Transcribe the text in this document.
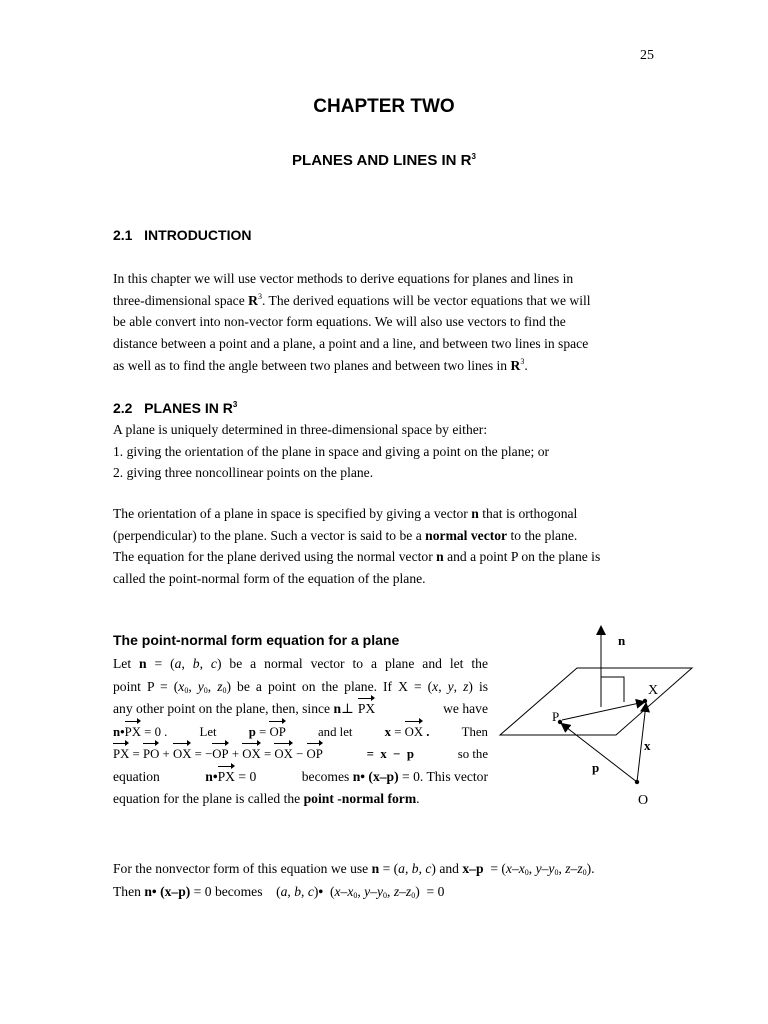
25
CHAPTER TWO
PLANES AND LINES IN $R^3$
2.1 INTRODUCTION

In this chapter we will use vector methods to derive equations for planes and lines in

three-dimensional space $R^3$. The derived equations will be vector equations that we will

be able convert into non-vector form equations. We will also use vectors to find the

distance between a point and a plane, a point and a line, and between two lines in space

as well as to find the angle between two planes and between two lines in $R^3$.

2.2 PLANES IN $R^3$

A plane is uniquely determined in three-dimensional space by either:

1. giving the orientation of the plane in space and giving a point on the plane; or

2. giving three noncollinear points on the plane.

The orientation of a plane in space is specified by giving a vector n that is orthogonal

(perpendicular) to the plane. Such a vector is said to be a normal vector to the plane.

The equation for the plane derived using the normal vector n and a point P on the plane is

called the point-normal form of the equation of the plane.

The point-normal form equation for a plane

Let n = (a, b, c) be a normal vector to a plane and let the

point $P = (x_0$, $y_0$, $z_0$) be a point on the plane. If X = (x, y, z) is

any other point on the plane, then, since n⊥ PX	we have

n•PX = 0 .	Let	p = OP	and let	x = OX .	Then

PX = PO + OX = −OP + OX = OX − OP	=  x  −  p	so the

equation	n•PX = 0	becomes n• (x–p) = 0. This vector

equation for the plane is called the point -normal form.

n
X
P
x
p
O

For the nonvector form of this equation we use n = (a, b, c) and $x-p = (x-x_0$, $y-y_0$, $z-z_0$).

Then n• (x–p) = 0 becomes    (a, b, c)•  ($x-x_0$, $y-y_0$, $z-z_0) = 0$
